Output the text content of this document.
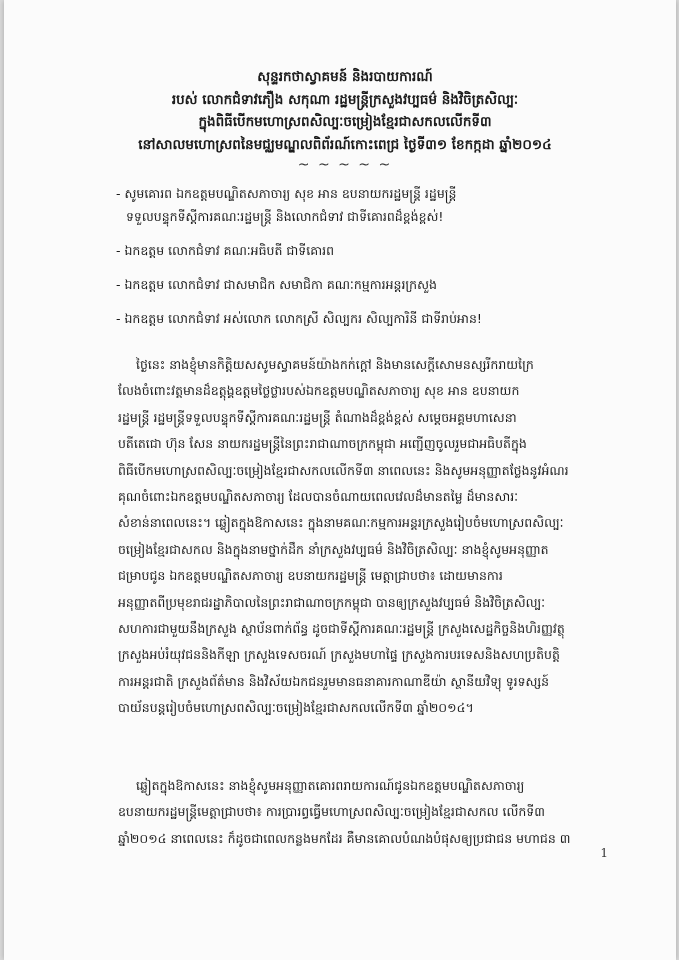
សុន្ទរកថាស្វាគមន៍ និងរបាយការណ៍
របស់ លោកជំទាវភឿង សកុណា រដ្ឋមន្ត្រីក្រសួងវប្បធម៌ និងវិចិត្រសិល្បៈ
ក្នុងពិធីបើកមហោស្រពសិល្បៈចម្រៀងខ្មែរជាសកលលើកទី៣
នៅសាលមហោស្រពនៃមជ្ឈមណ្ឌលពិព័រណ៍កោះពេជ្រ ថ្ងៃទី៣១ ខែកក្កដា ឆ្នាំ២០១៤
~ ~ ~ ~ ~
- សូមគោរព ឯកឧត្តមបណ្ឌិតសភាចារ្យ សុខ អាន ឧបនាយករដ្ឋមន្ត្រី រដ្ឋមន្ត្រី
ទទួលបន្ទុកទីស្តីការគណៈរដ្ឋមន្ត្រី និងលោកជំទាវ ជាទីគោរពដ៏ខ្ពង់ខ្ពស់!
- ឯកឧត្តម លោកជំទាវ គណៈអធិបតី ជាទីគោរព
- ឯកឧត្តម លោកជំទាវ ជាសមាជិក សមាជិកា គណៈកម្មការអន្តរក្រសួង
- ឯកឧត្តម លោកជំទាវ អស់លោក លោកស្រី សិល្បករ សិល្បការិនី ជាទីរាប់អាន!
ថ្ងៃនេះ នាងខ្ញុំមានកិត្តិយសសូមស្វាគមន៍យ៉ាងកក់ក្តៅ និងមានសេក្តីសោមនស្សរីករាយក្រៃ
លែងចំពោះវត្តមានដ៏ឧត្តុង្គឧត្តមថ្លៃថ្លារបស់ឯកឧត្តមបណ្ឌិតសភាចារ្យ សុខ អាន ឧបនាយក
រដ្ឋមន្ត្រី រដ្ឋមន្ត្រីទទួលបន្ទុកទីស្តីការគណៈរដ្ឋមន្ត្រី តំណាងដ៏ខ្ពង់ខ្ពស់ សម្តេចអគ្គមហាសេនា
បតីតេជោ ហ៊ុន សែន នាយករដ្ឋមន្ត្រីនៃព្រះរាជាណាចក្រកម្ពុជា អញ្ជើញចូលរួមជាអធិបតីក្នុង
ពិធីបើកមហោស្រពសិល្បៈចម្រៀងខ្មែរជាសកលលើកទី៣ នាពេលនេះ និងសូមអនុញ្ញាតថ្លែងនូវអំណរ
គុណចំពោះឯកឧត្តមបណ្ឌិតសភាចារ្យ ដែលបានចំណាយពេលវេលដ៏មានតម្លៃ ដ៏មានសារៈ
សំខាន់នាពេលនេះ។ ឆ្លៀតក្នុងឱកាសនេះ ក្នុងនាមគណៈកម្មការអន្តរក្រសួងរៀបចំមហោស្រពសិល្បៈ
ចម្រៀងខ្មែរជាសកល និងក្នុងនាមថ្នាក់ដឹក នាំក្រសួងវប្បធម៌ និងវិចិត្រសិល្បៈ នាងខ្ញុំសូមអនុញ្ញាត
ជម្រាបជូន ឯកឧត្តមបណ្ឌិតសភាចារ្យ ឧបនាយករដ្ឋមន្ត្រី មេត្តាជ្រាបថា៖ ដោយមានការ
អនុញ្ញាតពីប្រមុខរាជរដ្ឋាភិបាលនៃព្រះរាជាណាចក្រកម្ពុជា បានឲ្យក្រសួងវប្បធម៌ និងវិចិត្រសិល្បៈ
សហការជាមួយនឹងក្រសួង ស្ថាប័នពាក់ព័ន្ធ ដូចជាទីស្តីការគណៈរដ្ឋមន្ត្រី ក្រសួងសេដ្ឋកិច្ចនិងហិរញ្ញវត្ថុ
ក្រសួងអប់រំយុវជននិងកីឡា ក្រសួងទេសចរណ៍ ក្រសួងមហាផ្ទៃ ក្រសួងការបរទេសនិងសហប្រតិបត្តិ
ការអន្តរជាតិ ក្រសួងព័ត៌មាន និងវិស័យឯកជនរួមមានធនាគារកាណាឌីយ៉ា ស្ថានីយវិទ្យុ ទូរទស្សន៍
បាយ័នបន្តរៀបចំមហោស្រពសិល្បៈចម្រៀងខ្មែរជាសកលលើកទី៣ ឆ្នាំ២០១៤។
ឆ្លៀតក្នុងឱកាសនេះ នាងខ្ញុំសូមអនុញ្ញាតគោរពរាយការណ៍ជូនឯកឧត្តមបណ្ឌិតសភាចារ្យ
ឧបនាយករដ្ឋមន្ត្រីមេត្តាជ្រាបថា៖ ការប្រារព្ធធ្វើមហោស្រពសិល្បៈចម្រៀងខ្មែរជាសកល លើកទី៣
ឆ្នាំ២០១៤ នាពេលនេះ ក៏ដូចជាពេលកន្លងមកដែរ គឺមានគោលបំណងបំផុសឲ្យប្រជាជន មហាជន ៣
1
